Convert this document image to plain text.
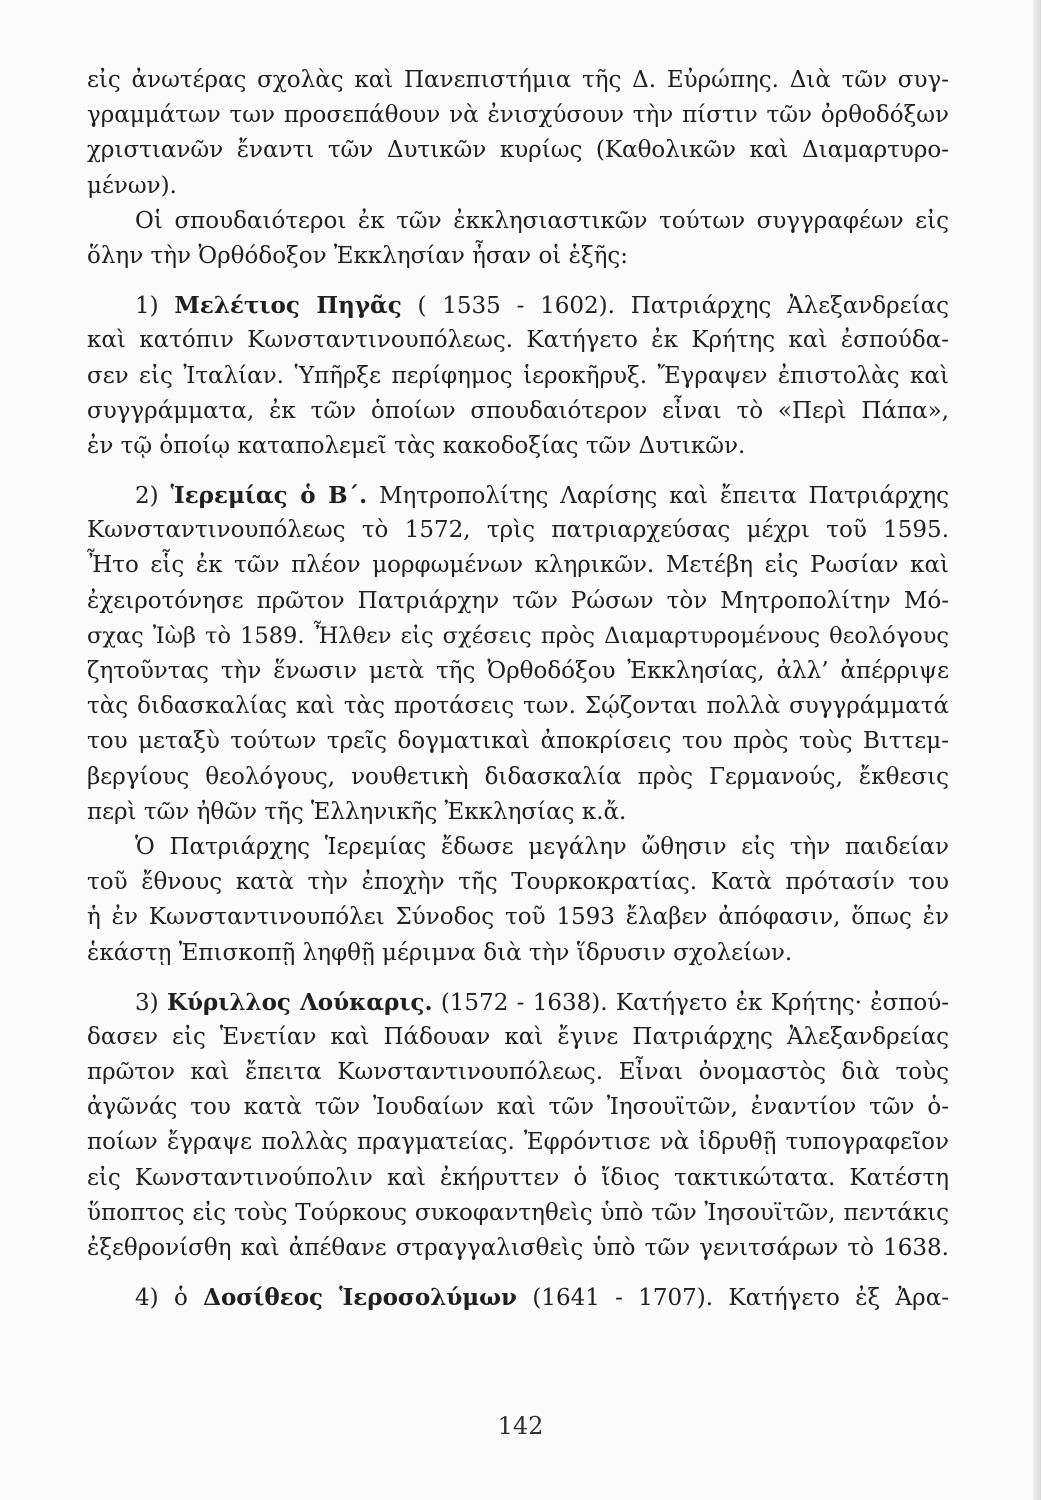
εἰς ἀνωτέρας σχολὰς καὶ Πανεπιστήμια τῆς Δ. Εὐρώπης. Διὰ τῶν συγ-
γραμμάτων των προσεπάθουν νὰ ἐνισχύσουν τὴν πίστιν τῶν ὀρθοδόξων
χριστιανῶν ἔναντι τῶν Δυτικῶν κυρίως (Καθολικῶν καὶ Διαμαρτυρο-
μένων).
Οἱ σπουδαιότεροι ἐκ τῶν ἐκκλησιαστικῶν τούτων συγγραφέων εἰς
ὅλην τὴν Ὀρθόδοξον Ἐκκλησίαν ἦσαν οἱ ἑξῆς:
1) Μελέτιος Πηγᾶς ( 1535 - 1602). Πατριάρχης Ἀλεξανδρείας
καὶ κατόπιν Κωνσταντινουπόλεως. Κατήγετο ἐκ Κρήτης καὶ ἐσπούδα-
σεν εἰς Ἰταλίαν. Ὑπῆρξε περίφημος ἱεροκῆρυξ. Ἔγραψεν ἐπιστολὰς καὶ
συγγράμματα, ἐκ τῶν ὁποίων σπουδαιότερον εἶναι τὸ «Περὶ Πάπα»,
ἐν τῷ ὁποίῳ καταπολεμεῖ τὰς κακοδοξίας τῶν Δυτικῶν.
2) Ἱερεμίας ὁ Β΄. Μητροπολίτης Λαρίσης καὶ ἔπειτα Πατριάρχης
Κωνσταντινουπόλεως τὸ 1572, τρὶς πατριαρχεύσας μέχρι τοῦ 1595.
Ἦτο εἷς ἐκ τῶν πλέον μορφωμένων κληρικῶν. Μετέβη εἰς Ρωσίαν καὶ
ἐχειροτόνησε πρῶτον Πατριάρχην τῶν Ρώσων τὸν Μητροπολίτην Μό-
σχας Ἰὼβ τὸ 1589. Ἦλθεν εἰς σχέσεις πρὸς Διαμαρτυρομένους θεολόγους
ζητοῦντας τὴν ἕνωσιν μετὰ τῆς Ὀρθοδόξου Ἐκκλησίας, ἀλλ’ ἀπέρριψε
τὰς διδασκαλίας καὶ τὰς προτάσεις των. Σῴζονται πολλὰ συγγράμματά
του μεταξὺ τούτων τρεῖς δογματικαὶ ἀποκρίσεις του πρὸς τοὺς Βιττεμ-
βεργίους θεολόγους, νουθετικὴ διδασκαλία πρὸς Γερμανούς, ἔκθεσις
περὶ τῶν ἠθῶν τῆς Ἑλληνικῆς Ἐκκλησίας κ.ἄ.
Ὁ Πατριάρχης Ἱερεμίας ἔδωσε μεγάλην ὤθησιν εἰς τὴν παιδείαν
τοῦ ἔθνους κατὰ τὴν ἐποχὴν τῆς Τουρκοκρατίας. Κατὰ πρότασίν του
ἡ ἐν Κωνσταντινουπόλει Σύνοδος τοῦ 1593 ἔλαβεν ἀπόφασιν, ὅπως ἐν
ἑκάστῃ Ἐπισκοπῇ ληφθῇ μέριμνα διὰ τὴν ἵδρυσιν σχολείων.
3) Κύριλλος Λούκαρις. (1572 - 1638). Κατήγετο ἐκ Κρήτης· ἐσπού-
δασεν εἰς Ἑνετίαν καὶ Πάδουαν καὶ ἔγινε Πατριάρχης Ἀλεξανδρείας
πρῶτον καὶ ἔπειτα Κωνσταντινουπόλεως. Εἶναι ὀνομαστὸς διὰ τοὺς
ἀγῶνάς του κατὰ τῶν Ἰουδαίων καὶ τῶν Ἰησουϊτῶν, ἐναντίον τῶν ὁ-
ποίων ἔγραψε πολλὰς πραγματείας. Ἐφρόντισε νὰ ἱδρυθῇ τυπογραφεῖον
εἰς Κωνσταντινούπολιν καὶ ἐκήρυττεν ὁ ἴδιος τακτικώτατα. Κατέστη
ὕποπτος εἰς τοὺς Τούρκους συκοφαντηθεὶς ὑπὸ τῶν Ἰησουϊτῶν, πεντάκις
ἐξεθρονίσθη καὶ ἀπέθανε στραγγαλισθεὶς ὑπὸ τῶν γενιτσάρων τὸ 1638.
4) ὁ Δοσίθεος Ἱεροσολύμων (1641 - 1707). Κατήγετο ἐξ Ἀρα-
142
